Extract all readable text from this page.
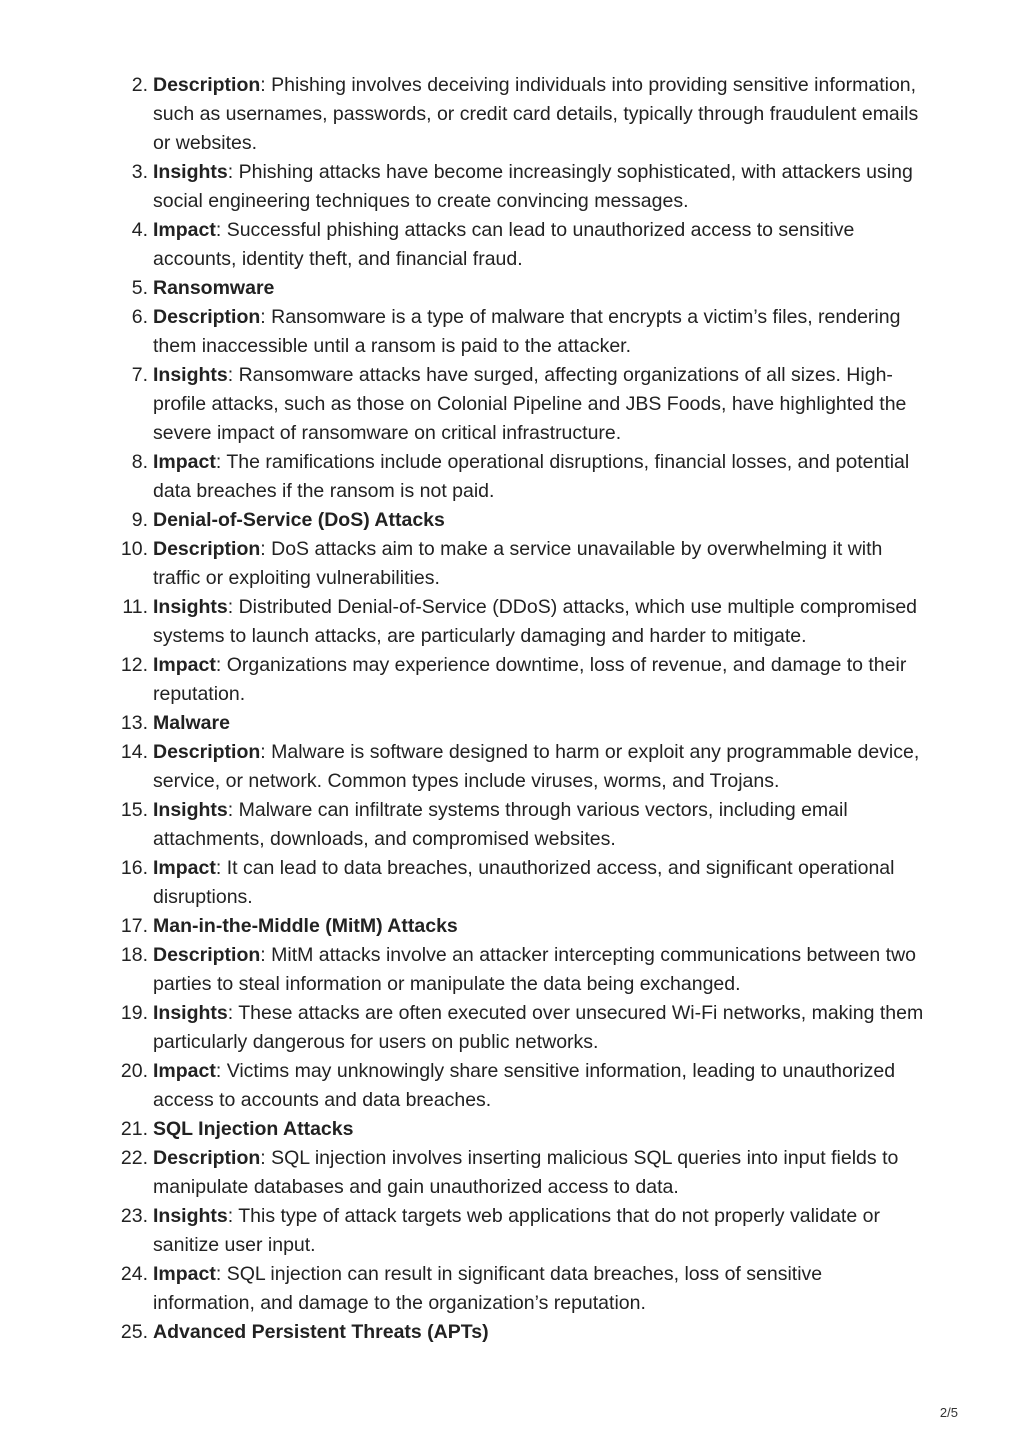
2. Description: Phishing involves deceiving individuals into providing sensitive information, such as usernames, passwords, or credit card details, typically through fraudulent emails or websites.
3. Insights: Phishing attacks have become increasingly sophisticated, with attackers using social engineering techniques to create convincing messages.
4. Impact: Successful phishing attacks can lead to unauthorized access to sensitive accounts, identity theft, and financial fraud.
5. Ransomware
6. Description: Ransomware is a type of malware that encrypts a victim’s files, rendering them inaccessible until a ransom is paid to the attacker.
7. Insights: Ransomware attacks have surged, affecting organizations of all sizes. High-profile attacks, such as those on Colonial Pipeline and JBS Foods, have highlighted the severe impact of ransomware on critical infrastructure.
8. Impact: The ramifications include operational disruptions, financial losses, and potential data breaches if the ransom is not paid.
9. Denial-of-Service (DoS) Attacks
10. Description: DoS attacks aim to make a service unavailable by overwhelming it with traffic or exploiting vulnerabilities.
11. Insights: Distributed Denial-of-Service (DDoS) attacks, which use multiple compromised systems to launch attacks, are particularly damaging and harder to mitigate.
12. Impact: Organizations may experience downtime, loss of revenue, and damage to their reputation.
13. Malware
14. Description: Malware is software designed to harm or exploit any programmable device, service, or network. Common types include viruses, worms, and Trojans.
15. Insights: Malware can infiltrate systems through various vectors, including email attachments, downloads, and compromised websites.
16. Impact: It can lead to data breaches, unauthorized access, and significant operational disruptions.
17. Man-in-the-Middle (MitM) Attacks
18. Description: MitM attacks involve an attacker intercepting communications between two parties to steal information or manipulate the data being exchanged.
19. Insights: These attacks are often executed over unsecured Wi-Fi networks, making them particularly dangerous for users on public networks.
20. Impact: Victims may unknowingly share sensitive information, leading to unauthorized access to accounts and data breaches.
21. SQL Injection Attacks
22. Description: SQL injection involves inserting malicious SQL queries into input fields to manipulate databases and gain unauthorized access to data.
23. Insights: This type of attack targets web applications that do not properly validate or sanitize user input.
24. Impact: SQL injection can result in significant data breaches, loss of sensitive information, and damage to the organization’s reputation.
25. Advanced Persistent Threats (APTs)
2/5
